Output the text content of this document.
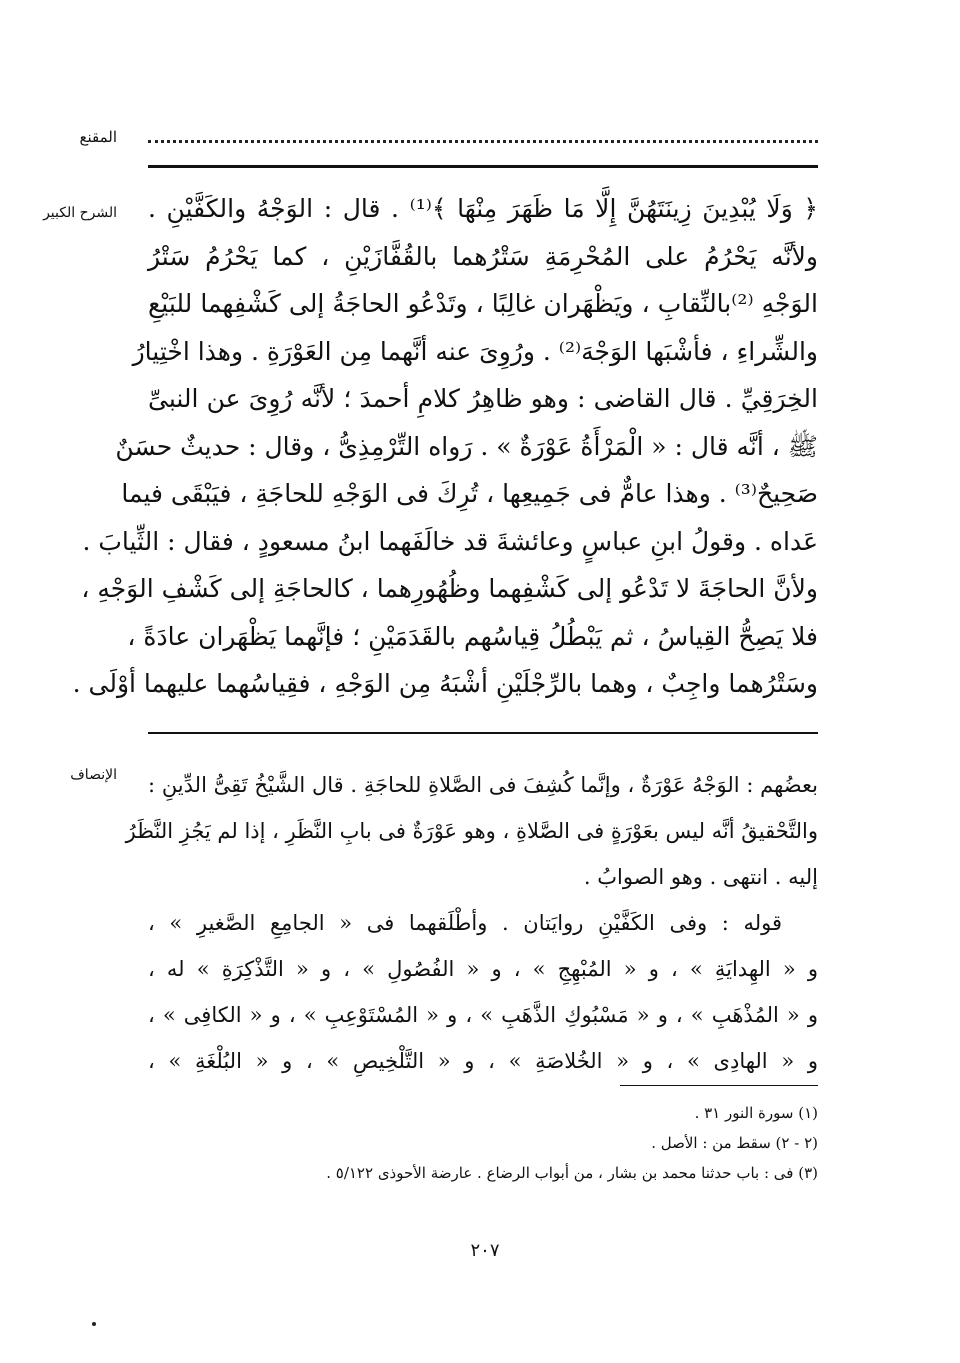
المقنع
الشرح الكبير ﴿ وَلَا يُبْدِينَ زِينَتَهُنَّ إِلَّا مَا ظَهَرَ مِنْهَا ﴾⁽¹⁾ . قال : الوَجْهُ والكَفَّيْنِ .

ولأنَّه يَحْرُمُ على المُحْرِمَةِ سَتْرُهما بالقُفَّازَيْنِ ، كما يَحْرُمُ سَتْرُ

الوَجْهِ ⁽²⁾بالنِّقابِ ، ويَظْهَران غالِبًا ، وتَدْعُو الحاجَةُ إلى كَشْفِهما للبَيْعِ

والشِّراءِ ، فأشْبَها الوَجْهَ⁽²⁾ . ورُوِىَ عنه أنَّهما مِن العَوْرَةِ . وهذا اخْتِيارُ

الخِرَقِيِّ . قال القاضى : وهو ظاهِرُ كلامِ أحمدَ ؛ لأنَّه رُوِىَ عن النبىِّ

ﷺ ، أنَّه قال : « الْمَرْأَةُ عَوْرَةٌ » . رَواه التِّرْمِذِىُّ ، وقال : حديثٌ حسَنٌ

صَحِيحٌ⁽³⁾ . وهذا عامٌّ فى جَمِيعِها ، تُرِكَ فى الوَجْهِ للحاجَةِ ، فيَبْقَى فيما

عَداه . وقولُ ابنِ عباسٍ وعائشةَ قد خالَفَهما ابنُ مسعودٍ ، فقال : الثِّيابَ .

ولأنَّ الحاجَةَ لا تَدْعُو إلى كَشْفِهما وظُهُورِهما ، كالحاجَةِ إلى كَشْفِ الوَجْهِ ،

فلا يَصِحُّ القِياسُ ، ثم يَبْطُلُ قِياسُهم بالقَدَمَيْنِ ؛ فإنَّهما يَظْهَران عادَةً ،

وسَتْرُهما واجِبٌ ، وهما بالرِّجْلَيْنِ أشْبَهُ مِن الوَجْهِ ، فقِياسُهما عليهما أوْلَى .

الإنصاف بعضُهم : الوَجْهُ عَوْرَةٌ ، وإنَّما كُشِفَ فى الصَّلاةِ للحاجَةِ . قال الشَّيْخُ تَقِىُّ الدِّينِ :

والتَّحْقيقُ أنَّه ليس بعَوْرَةٍ فى الصَّلاةِ ، وهو عَوْرَةٌ فى بابِ النَّظَرِ ، إذا لم يَجُزِ النَّظَرُ

إليه . انتهى . وهو الصوابُ .

قوله : وفى الكَفَّيْنِ روايَتان . وأطْلَقهما فى « الجامِعِ الصَّغيرِ » ،

و « الهِدايَةِ » ، و « المُبْهِجِ » ، و « الفُصُولِ » ، و « التَّذْكِرَةِ » له ،

و « المُذْهَبِ » ، و « مَسْبُوكِ الذَّهَبِ » ، و « المُسْتَوْعِبِ » ، و « الكافِى » ،

و « الهادِى » ، و « الخُلاصَةِ » ، و « التَّلْخِيصِ » ، و « البُلْغَةِ » ،

(١) سورة النور ٣١ .
(٢ - ٢) سقط من : الأصل .
(٣) فى : باب حدثنا محمد بن بشار ، من أبواب الرضاع . عارضة الأحوذى ٥/١٢٢ .
٢٠٧
